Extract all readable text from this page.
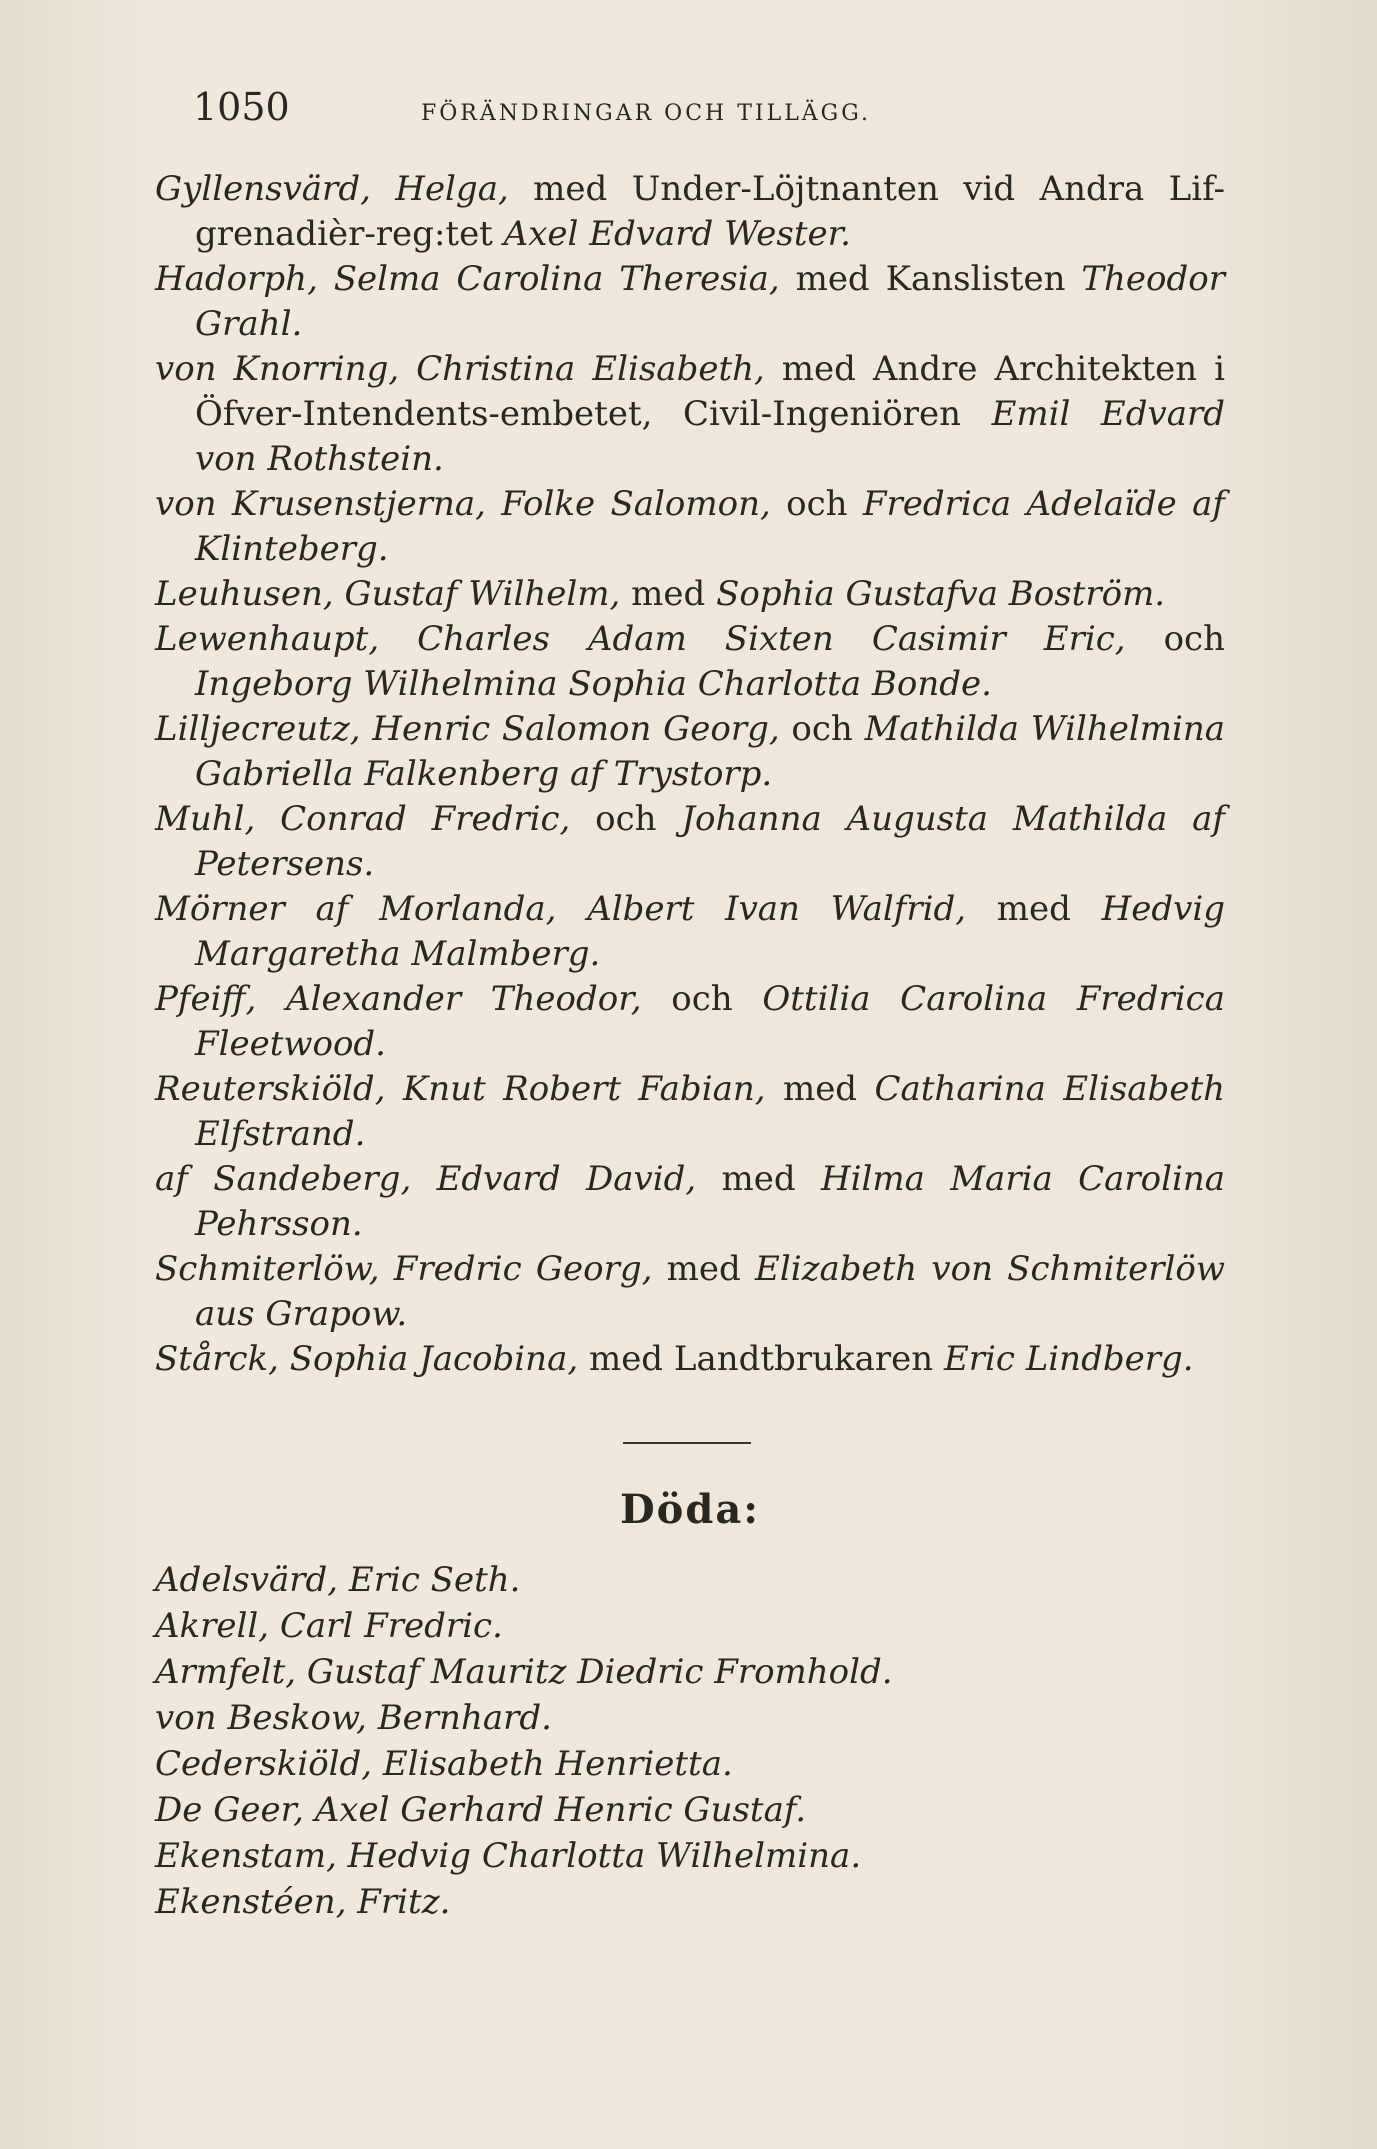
1050	FÖRÄNDRINGAR OCH TILLÄGG.
Gyllensvärd, Helga, med Under-Löjtnanten vid Andra Lif-grenadièr-reg:tet Axel Edvard Wester.
Hadorph, Selma Carolina Theresia, med Kanslisten Theodor Grahl.
von Knorring, Christina Elisabeth, med Andre Architekten i Öfver-Intendents-embetet, Civil-Ingeniören Emil Edvard von Rothstein.
von Krusenstjerna, Folke Salomon, och Fredrica Adelaïde af Klinteberg.
Leuhusen, Gustaf Wilhelm, med Sophia Gustafva Boström.
Lewenhaupt, Charles Adam Sixten Casimir Eric, och Ingeborg Wilhelmina Sophia Charlotta Bonde.
Lilljecreutz, Henric Salomon Georg, och Mathilda Wilhelmina Gabriella Falkenberg af Trystorp.
Muhl, Conrad Fredric, och Johanna Augusta Mathilda af Petersens.
Mörner af Morlanda, Albert Ivan Walfrid, med Hedvig Margaretha Malmberg.
Pfeiff, Alexander Theodor, och Ottilia Carolina Fredrica Fleetwood.
Reuterskiöld, Knut Robert Fabian, med Catharina Elisabeth Elfstrand.
af Sandeberg, Edvard David, med Hilma Maria Carolina Pehrsson.
Schmiterlöw, Fredric Georg, med Elizabeth von Schmiterlöw aus Grapow.
Stårck, Sophia Jacobina, med Landtbrukaren Eric Lindberg.
Döda:
Adelsvärd, Eric Seth.
Akrell, Carl Fredric.
Armfelt, Gustaf Mauritz Diedric Fromhold.
von Beskow, Bernhard.
Cederskiöld, Elisabeth Henrietta.
De Geer, Axel Gerhard Henric Gustaf.
Ekenstam, Hedvig Charlotta Wilhelmina.
Ekenstéen, Fritz.
